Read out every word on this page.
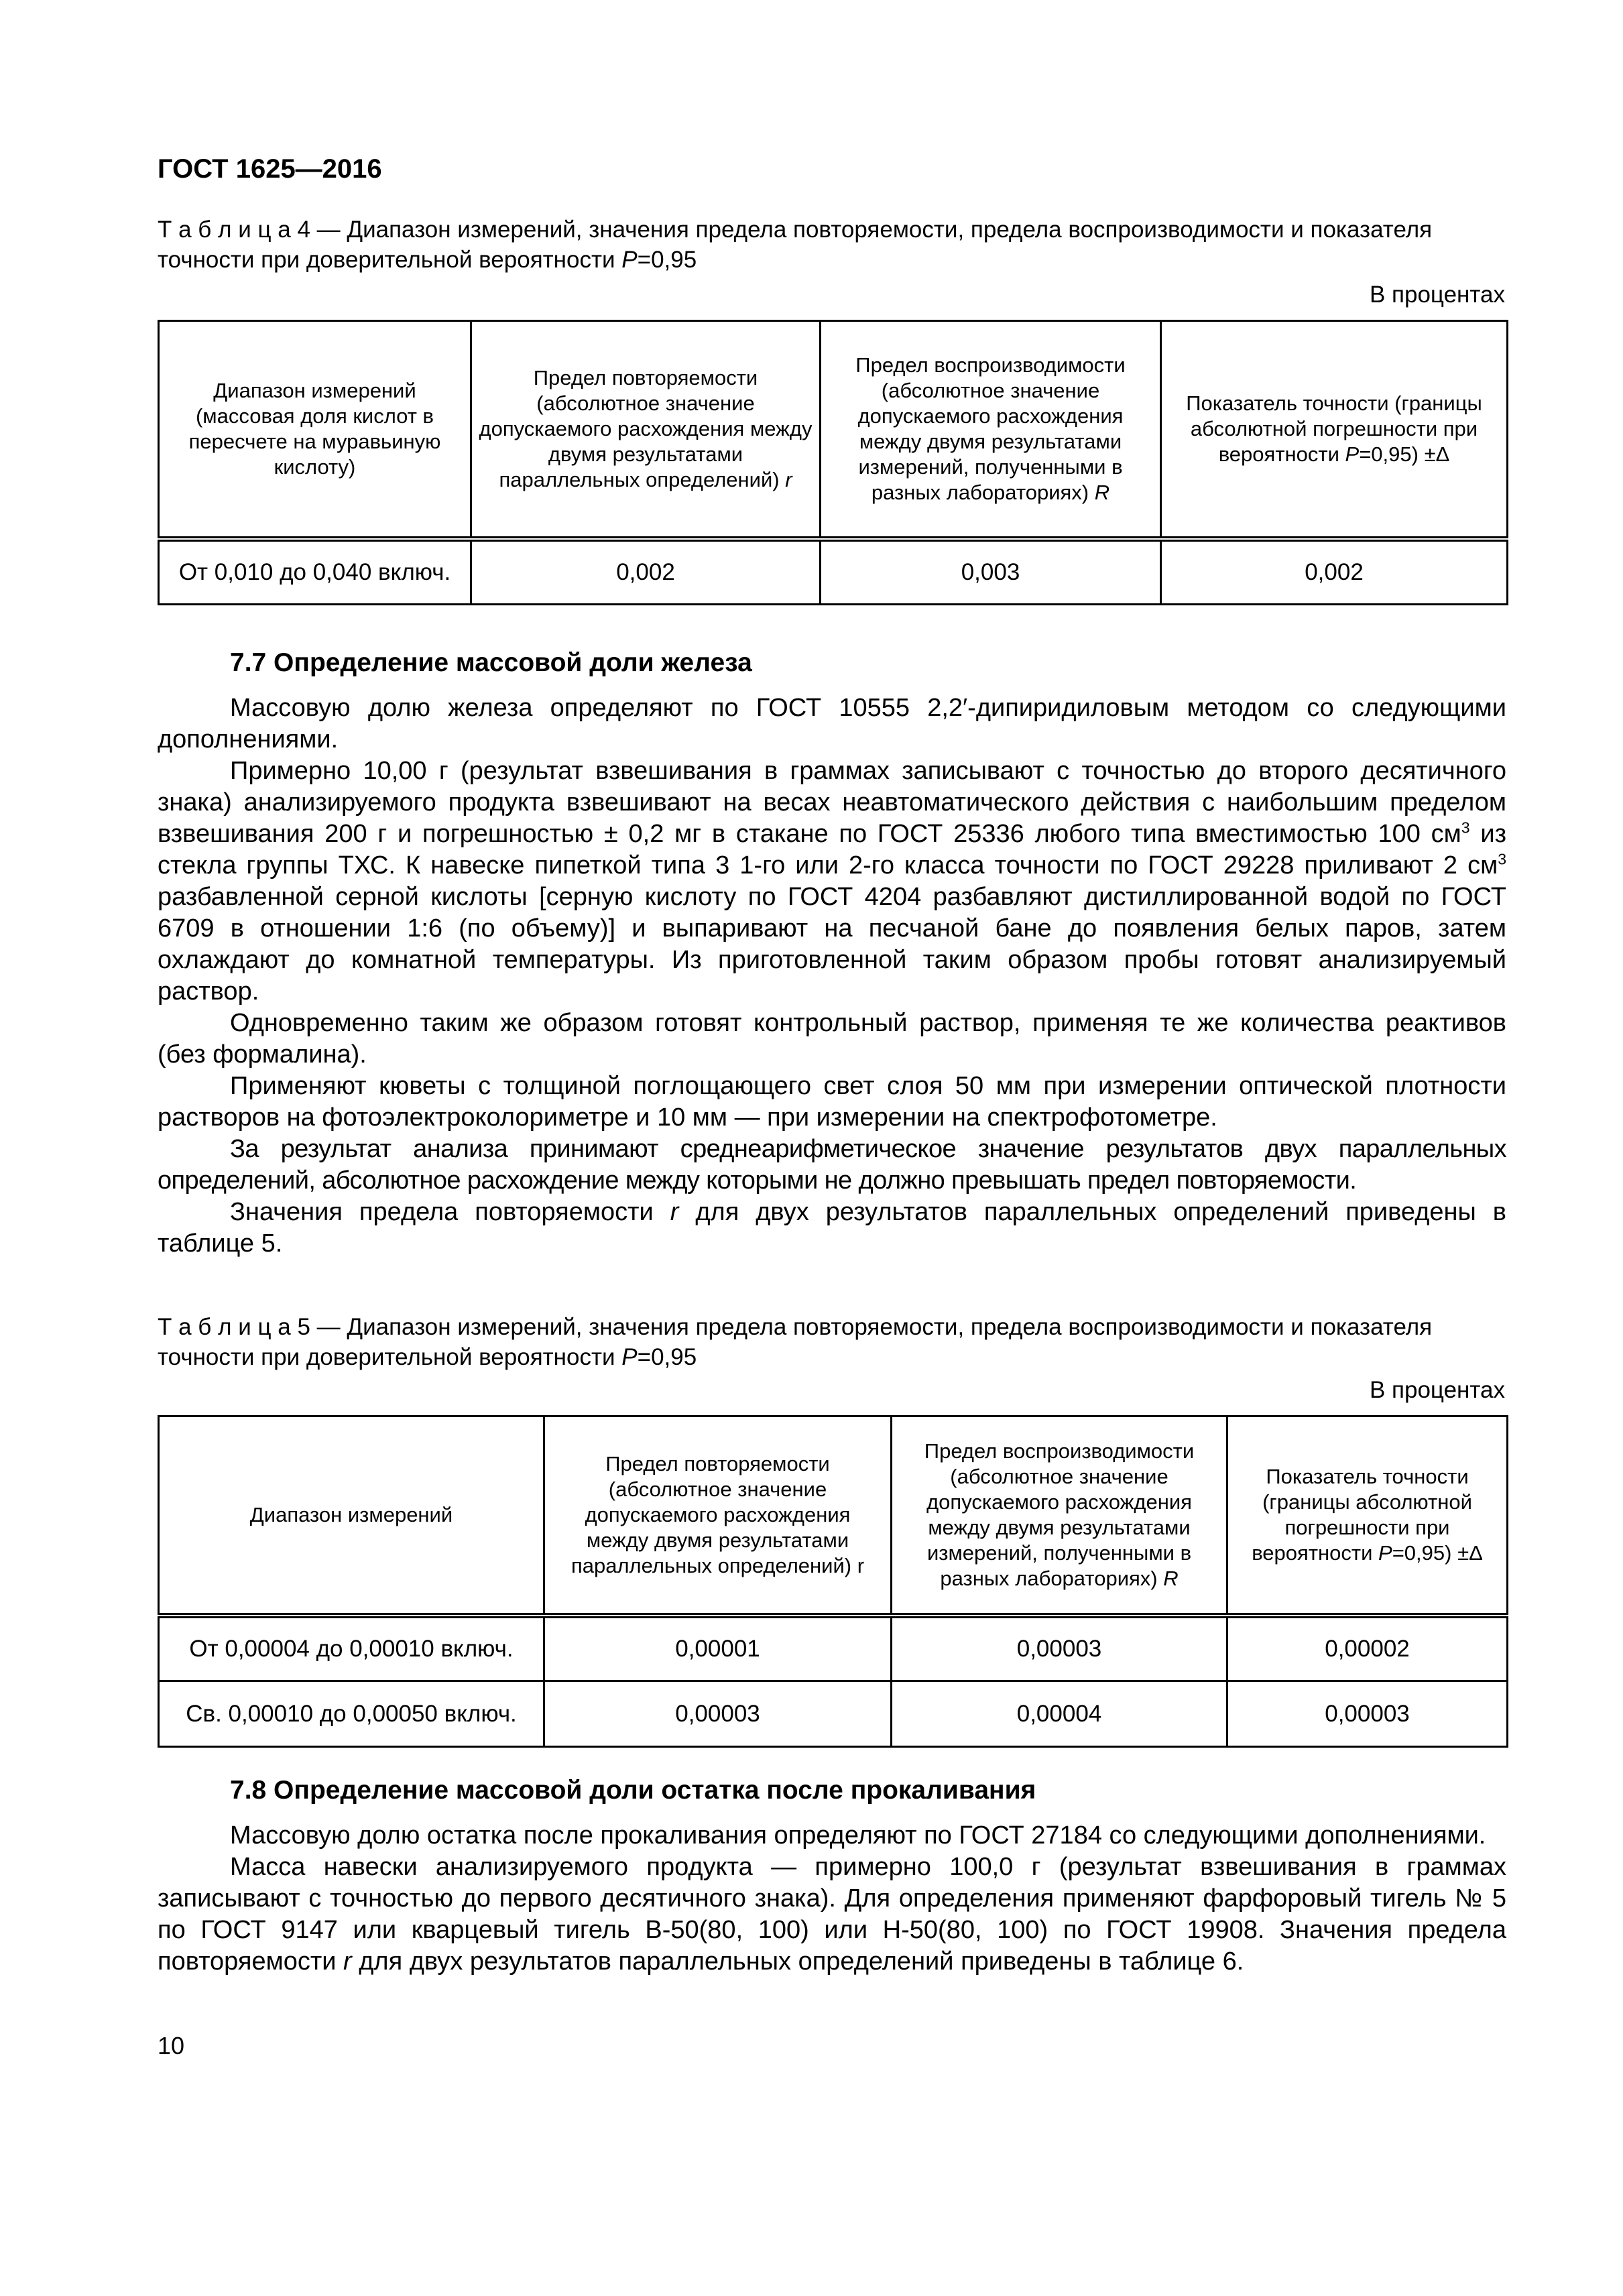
ГОСТ 1625—2016
Т а б л и ц а 4 — Диапазон измерений, значения предела повторяемости, предела воспроизводимости и показателя
точности при доверительной вероятности P=0,95
В процентах
Диапазон измерений (массовая доля кислот в пересчете на муравьиную кислоту)	Предел повторяемости (абсолютное значение допускаемого расхождения между двумя результатами параллельных определений) r	Предел воспроизводимости (абсолютное значение допускаемого расхождения между двумя результатами измерений, полученными в разных лабораториях) R	Показатель точности (границы абсолютной погрешности при вероятности P=0,95) ±Δ
От 0,010 до 0,040 включ.	0,002	0,003	0,002
7.7 Определение массовой доли железа
Массовую долю железа определяют по ГОСТ 10555 2,2′-дипиридиловым методом со следующими дополнениями.
Примерно 10,00 г (результат взвешивания в граммах записывают с точностью до второго десятичного знака) анализируемого продукта взвешивают на весах неавтоматического действия с наибольшим пределом взвешивания 200 г и погрешностью ± 0,2 мг в стакане по ГОСТ 25336 любого типа вместимостью 100 $см^3$ из стекла группы ТХС. К навеске пипеткой типа 3 1-го или 2-го класса точности по ГОСТ 29228 приливают 2 $см^3$ разбавленной серной кислоты [серную кислоту по ГОСТ 4204 разбавляют дистиллированной водой по ГОСТ 6709 в отношении 1:6 (по объему)] и выпаривают на песчаной бане до появления белых паров, затем охлаждают до комнатной температуры. Из приготовленной таким образом пробы готовят анализируемый раствор.
Одновременно таким же образом готовят контрольный раствор, применяя те же количества реактивов (без формалина).
Применяют кюветы с толщиной поглощающего свет слоя 50 мм при измерении оптической плотности растворов на фотоэлектроколориметре и 10 мм — при измерении на спектрофотометре.
За результат анализа принимают среднеарифметическое значение результатов двух параллельных определений, абсолютное расхождение между которыми не должно превышать предел повторяемости.
Значения предела повторяемости r для двух результатов параллельных определений приведены в таблице 5.
Т а б л и ц а 5 — Диапазон измерений, значения предела повторяемости, предела воспроизводимости и показателя
точности при доверительной вероятности P=0,95
В процентах
Диапазон измерений	Предел повторяемости (абсолютное значение допускаемого расхождения между двумя результатами параллельных определений) r	Предел воспроизводимости (абсолютное значение допускаемого расхождения между двумя результатами измерений, полученными в разных лабораториях) R	Показатель точности (границы абсолютной погрешности при вероятности P=0,95) ±Δ
От 0,00004 до 0,00010 включ.	0,00001	0,00003	0,00002
Св. 0,00010 до 0,00050 включ.	0,00003	0,00004	0,00003
7.8 Определение массовой доли остатка после прокаливания
Массовую долю остатка после прокаливания определяют по ГОСТ 27184 со следующими дополнениями.
Масса навески анализируемого продукта — примерно 100,0 г (результат взвешивания в граммах записывают с точностью до первого десятичного знака). Для определения применяют фарфоровый тигель № 5 по ГОСТ 9147 или кварцевый тигель В-50(80, 100) или Н-50(80, 100) по ГОСТ 19908. Значения предела повторяемости r для двух результатов параллельных определений приведены в таблице 6.
10
